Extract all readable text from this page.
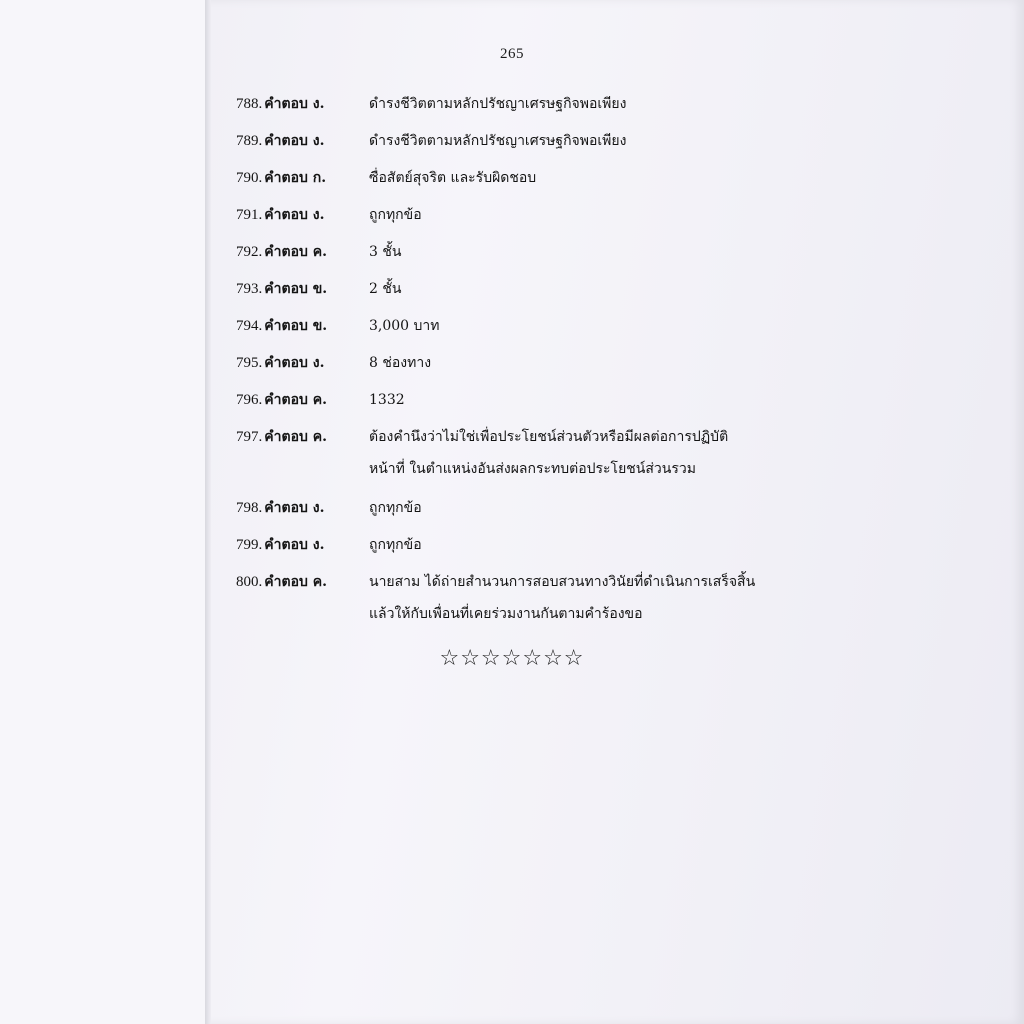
265
788. คำตอบ ง.	ดำรงชีวิตตามหลักปรัชญาเศรษฐกิจพอเพียง
789. คำตอบ ง.	ดำรงชีวิตตามหลักปรัชญาเศรษฐกิจพอเพียง
790. คำตอบ ก.	ซื่อสัตย์สุจริต และรับผิดชอบ
791. คำตอบ ง.	ถูกทุกข้อ
792. คำตอบ ค.	3 ชั้น
793. คำตอบ ข.	2 ชั้น
794. คำตอบ ข.	3,000 บาท
795. คำตอบ ง.	8 ช่องทาง
796. คำตอบ ค.	1332
797. คำตอบ ค.	ต้องคำนึงว่าไม่ใช่เพื่อประโยชน์ส่วนตัวหรือมีผลต่อการปฏิบัติ
หน้าที่ ในตำแหน่งอันส่งผลกระทบต่อประโยชน์ส่วนรวม
798. คำตอบ ง.	ถูกทุกข้อ
799. คำตอบ ง.	ถูกทุกข้อ
800. คำตอบ ค.	นายสาม ได้ถ่ายสำนวนการสอบสวนทางวินัยที่ดำเนินการเสร็จสิ้น
แล้วให้กับเพื่อนที่เคยร่วมงานกันตามคำร้องขอ
☆☆☆☆☆☆☆
